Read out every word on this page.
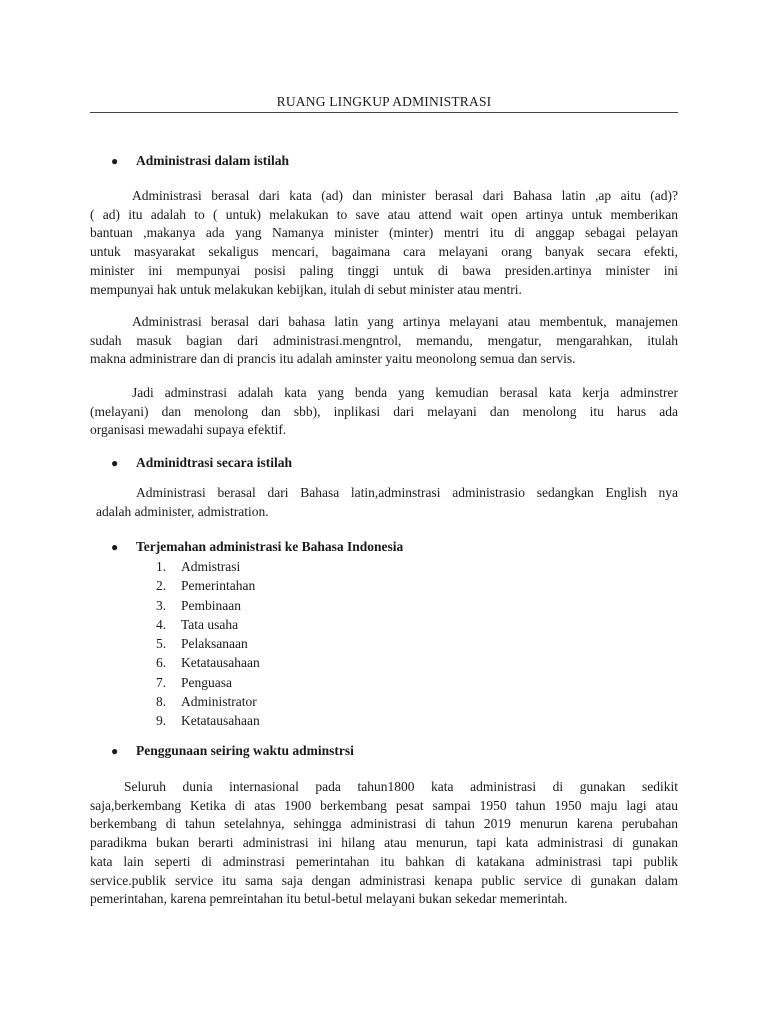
RUANG LINGKUP ADMINISTRASI
● Administrasi dalam istilah
Administrasi berasal dari kata (ad) dan minister berasal dari Bahasa latin ,ap aitu (ad)?
( ad) itu adalah to ( untuk) melakukan to save atau attend wait open artinya untuk memberikan
bantuan ,makanya ada yang Namanya minister (minter) mentri itu di anggap sebagai pelayan
untuk masyarakat sekaligus mencari, bagaimana cara melayani orang banyak secara efekti,
minister ini mempunyai posisi paling tinggi untuk di bawa presiden.artinya minister ini
mempunyai hak untuk melakukan kebijkan, itulah di sebut minister atau mentri.
Administrasi berasal dari bahasa latin yang artinya melayani atau membentuk, manajemen
sudah masuk bagian dari administrasi.mengntrol, memandu, mengatur, mengarahkan, itulah
makna administrare dan di prancis itu adalah aminster yaitu meonolong semua dan servis.
Jadi adminstrasi adalah kata yang benda yang kemudian berasal kata kerja adminstrer
(melayani) dan menolong dan sbb), inplikasi dari melayani dan menolong itu harus ada
organisasi mewadahi supaya efektif.
● Adminidtrasi secara istilah
Administrasi berasal dari Bahasa latin,adminstrasi administrasio sedangkan English nya
adalah administer, admistration.
● Terjemahan administrasi ke Bahasa Indonesia
1. Admistrasi
2. Pemerintahan
3. Pembinaan
4. Tata usaha
5. Pelaksanaan
6. Ketatausahaan
7. Penguasa
8. Administrator
9. Ketatausahaan
● Penggunaan seiring waktu adminstrsi
Seluruh dunia internasional pada tahun1800 kata administrasi di gunakan sedikit
saja,berkembang Ketika di atas 1900 berkembang pesat sampai 1950 tahun 1950 maju lagi atau
berkembang di tahun setelahnya, sehingga administrasi di tahun 2019 menurun karena perubahan
paradikma bukan berarti administrasi ini hilang atau menurun, tapi kata administrasi di gunakan
kata lain seperti di adminstrasi pemerintahan itu bahkan di katakana administrasi tapi publik
service.publik service itu sama saja dengan administrasi kenapa public service di gunakan dalam
pemerintahan, karena pemreintahan itu betul-betul melayani bukan sekedar memerintah.
